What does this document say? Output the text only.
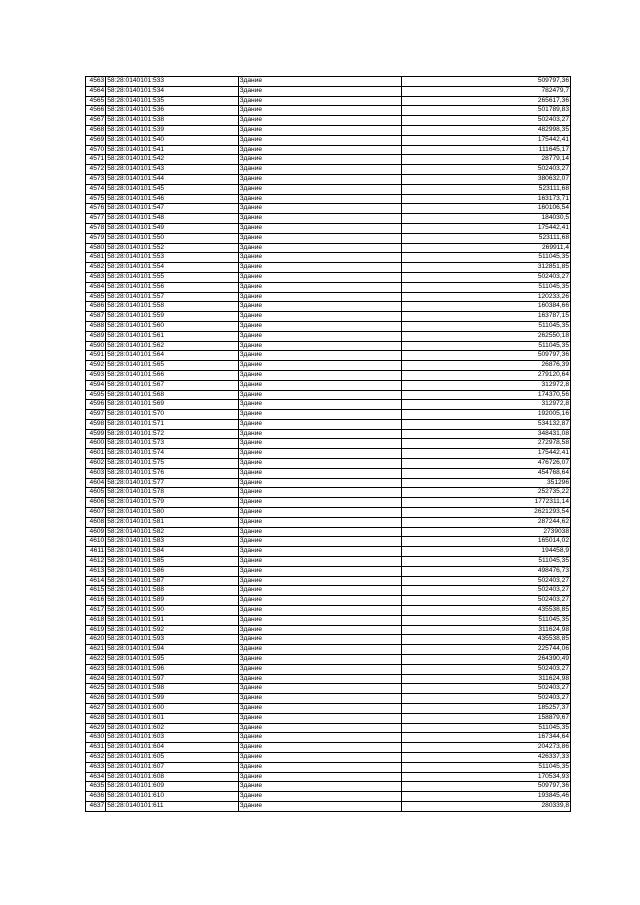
4563	58:28:0140101:533	Здание	509797,36
4564	58:28:0140101:534	Здание	782479,7
4565	58:28:0140101:535	Здание	265617,36
4566	58:28:0140101:536	Здание	501789,83
4567	58:28:0140101:538	Здание	502403,27
4568	58:28:0140101:539	Здание	482998,35
4569	58:28:0140101:540	Здание	175442,41
4570	58:28:0140101:541	Здание	111645,17
4571	58:28:0140101:542	Здание	28779,14
4572	58:28:0140101:543	Здание	502403,27
4573	58:28:0140101:544	Здание	380632,07
4574	58:28:0140101:545	Здание	523111,68
4575	58:28:0140101:546	Здание	163173,71
4576	58:28:0140101:547	Здание	160106,54
4577	58:28:0140101:548	Здание	184030,5
4578	58:28:0140101:549	Здание	175442,41
4579	58:28:0140101:550	Здание	523111,68
4580	58:28:0140101:552	Здание	269911,4
4581	58:28:0140101:553	Здание	511045,35
4582	58:28:0140101:554	Здание	312851,85
4583	58:28:0140101:555	Здание	502403,27
4584	58:28:0140101:556	Здание	511045,35
4585	58:28:0140101:557	Здание	120233,26
4586	58:28:0140101:558	Здание	160384,66
4587	58:28:0140101:559	Здание	163787,15
4588	58:28:0140101:560	Здание	511045,35
4589	58:28:0140101:561	Здание	262550,18
4590	58:28:0140101:562	Здание	511045,35
4591	58:28:0140101:564	Здание	509797,36
4592	58:28:0140101:565	Здание	26876,39
4593	58:28:0140101:566	Здание	279120,64
4594	58:28:0140101:567	Здание	312972,8
4595	58:28:0140101:568	Здание	174370,56
4596	58:28:0140101:569	Здание	312972,8
4597	58:28:0140101:570	Здание	192005,16
4598	58:28:0140101:571	Здание	534132,87
4599	58:28:0140101:572	Здание	348431,08
4600	58:28:0140101:573	Здание	272978,58
4601	58:28:0140101:574	Здание	175442,41
4602	58:28:0140101:575	Здание	476726,07
4603	58:28:0140101:576	Здание	454768,64
4604	58:28:0140101:577	Здание	351296
4605	58:28:0140101:578	Здание	252735,22
4606	58:28:0140101:579	Здание	1772311,14
4607	58:28:0140101:580	Здание	2621293,54
4608	58:28:0140101:581	Здание	287244,62
4609	58:28:0140101:582	Здание	2739038
4610	58:28:0140101:583	Здание	165014,02
4611	58:28:0140101:584	Здание	194458,9
4612	58:28:0140101:585	Здание	511045,35
4613	58:28:0140101:586	Здание	498476,73
4614	58:28:0140101:587	Здание	502403,27
4615	58:28:0140101:588	Здание	502403,27
4616	58:28:0140101:589	Здание	502403,27
4617	58:28:0140101:590	Здание	435538,85
4618	58:28:0140101:591	Здание	511045,35
4619	58:28:0140101:592	Здание	311624,98
4620	58:28:0140101:593	Здание	435538,85
4621	58:28:0140101:594	Здание	225744,06
4622	58:28:0140101:595	Здание	264390,49
4623	58:28:0140101:596	Здание	502403,27
4624	58:28:0140101:597	Здание	311624,98
4625	58:28:0140101:598	Здание	502403,27
4626	58:28:0140101:599	Здание	502403,27
4627	58:28:0140101:600	Здание	185257,37
4628	58:28:0140101:601	Здание	158879,67
4629	58:28:0140101:602	Здание	511045,35
4630	58:28:0140101:603	Здание	167344,64
4631	58:28:0140101:604	Здание	204273,86
4632	58:28:0140101:605	Здание	426337,33
4633	58:28:0140101:607	Здание	511045,35
4634	58:28:0140101:608	Здание	170534,93
4635	58:28:0140101:609	Здание	509797,36
4636	58:28:0140101:610	Здание	193845,46
4637	58:28:0140101:611	Здание	280339,8
